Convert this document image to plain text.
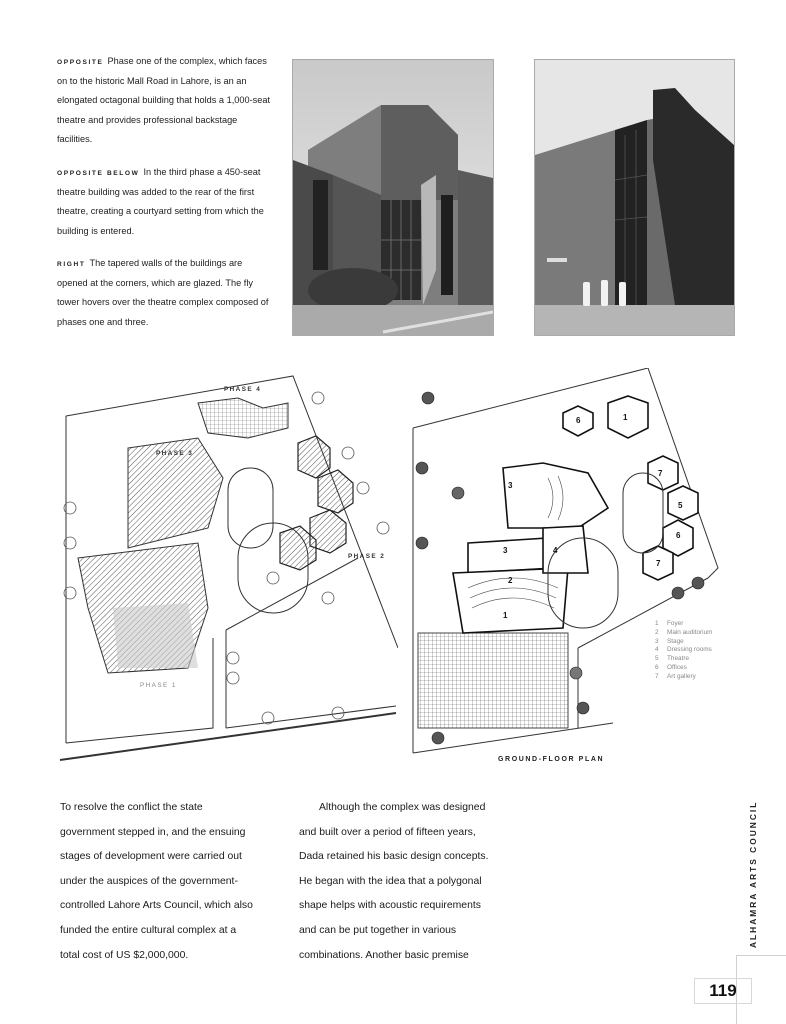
OPPOSITE Phase one of the complex, which faces on to the historic Mall Road in Lahore, is an an elongated octagonal building that holds a 1,000-seat theatre and provides professional backstage facilities.
OPPOSITE BELOW In the third phase a 450-seat theatre building was added to the rear of the first theatre, creating a courtyard setting from which the building is entered.
RIGHT The tapered walls of the buildings are opened at the corners, which are glazed. The fly tower hovers over the theatre complex composed of phases one and three.
PHASE 4
PHASE 3
PHASE 2
PHASE 1
3
3	4
6
7
6
7
2
1
5
1
GROUND-FLOOR PLAN
1 Foyer
2 Main auditorium
3 Stage
4 Dressing rooms
5 Theatre
6 Offices
7 Art gallery

To resolve the conflict the state

government stepped in, and the ensuing

stages of development were carried out

under the auspices of the government-

controlled Lahore Arts Council, which also

funded the entire cultural complex at a

total cost of US $2,000,000.

Although the complex was designed

and built over a period of fifteen years,

Dada retained his basic design concepts.

He began with the idea that a polygonal

shape helps with acoustic requirements

and can be put together in various

combinations. Another basic premise

ALHAMRA ARTS COUNCIL
119
